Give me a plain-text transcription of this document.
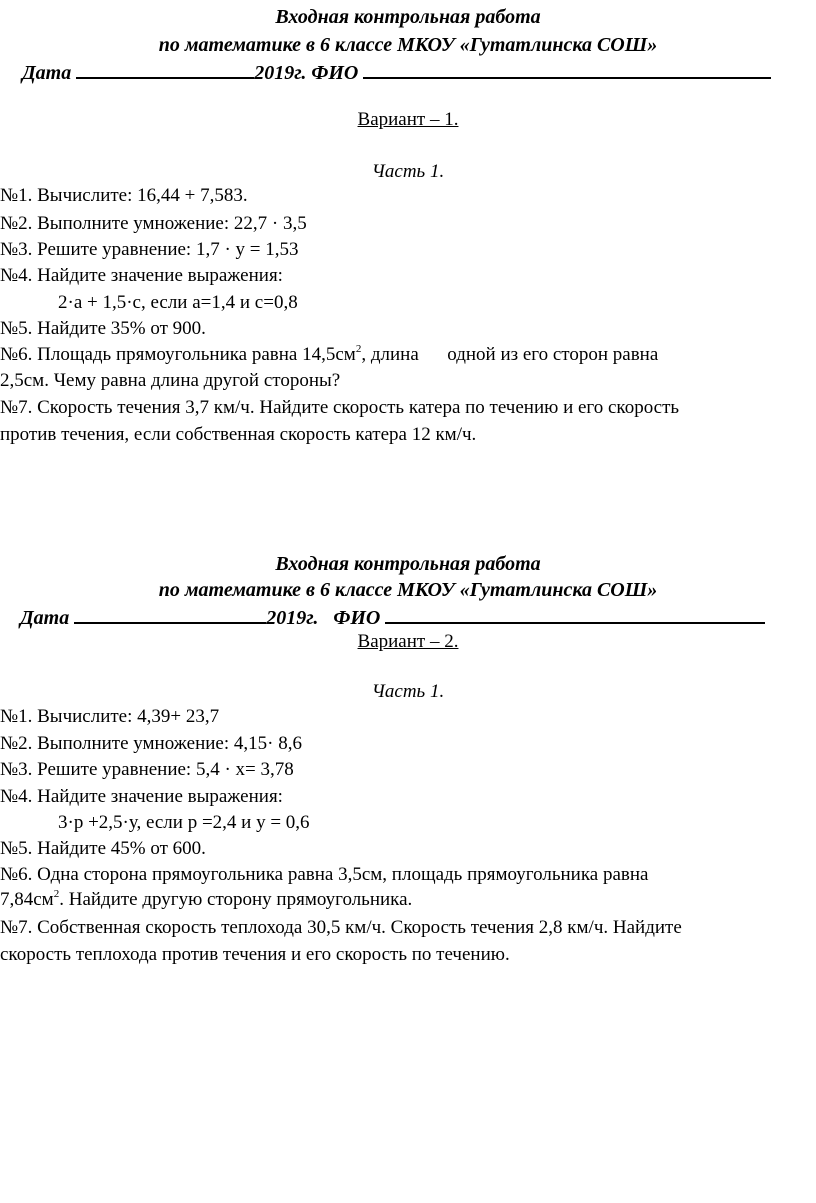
Входная контрольная работа
по математике в 6 классе МКОУ «Гутатлинска СОШ»
Дата	2019г. ФИО
Вариант – 1.
Часть 1.
№1. Вычислите: 16,44 + 7,583.
№2. Выполните умножение: 22,7 · 3,5
№3. Решите уравнение: 1,7 · у = 1,53
№4. Найдите значение выражения:
2·а + 1,5·с, если а=1,4 и с=0,8
№5. Найдите 35% от 900.
№6. Площадь прямоугольника равна $14,5см^2$, длина      одной из его сторон равна
2,5см. Чему равна длина другой стороны?
№7. Скорость течения 3,7 км/ч. Найдите скорость катера по течению и его скорость
против течения, если собственная скорость катера 12 км/ч.
Входная контрольная работа
по математике в 6 классе МКОУ «Гутатлинска СОШ»
Дата	2019г. ФИО
Вариант – 2.
Часть 1.
№1. Вычислите: 4,39+ 23,7
№2. Выполните умножение: 4,15· 8,6
№3. Решите уравнение: 5,4 · х= 3,78
№4. Найдите значение выражения:
3·р +2,5·у, если р =2,4 и у = 0,6
№5. Найдите 45% от 600.
№6. Одна сторона прямоугольника равна 3,5см, площадь прямоугольника равна
$7,84см^2$. Найдите другую сторону прямоугольника.
№7. Собственная скорость теплохода 30,5 км/ч. Скорость течения 2,8 км/ч. Найдите
скорость теплохода против течения и его скорость по течению.
